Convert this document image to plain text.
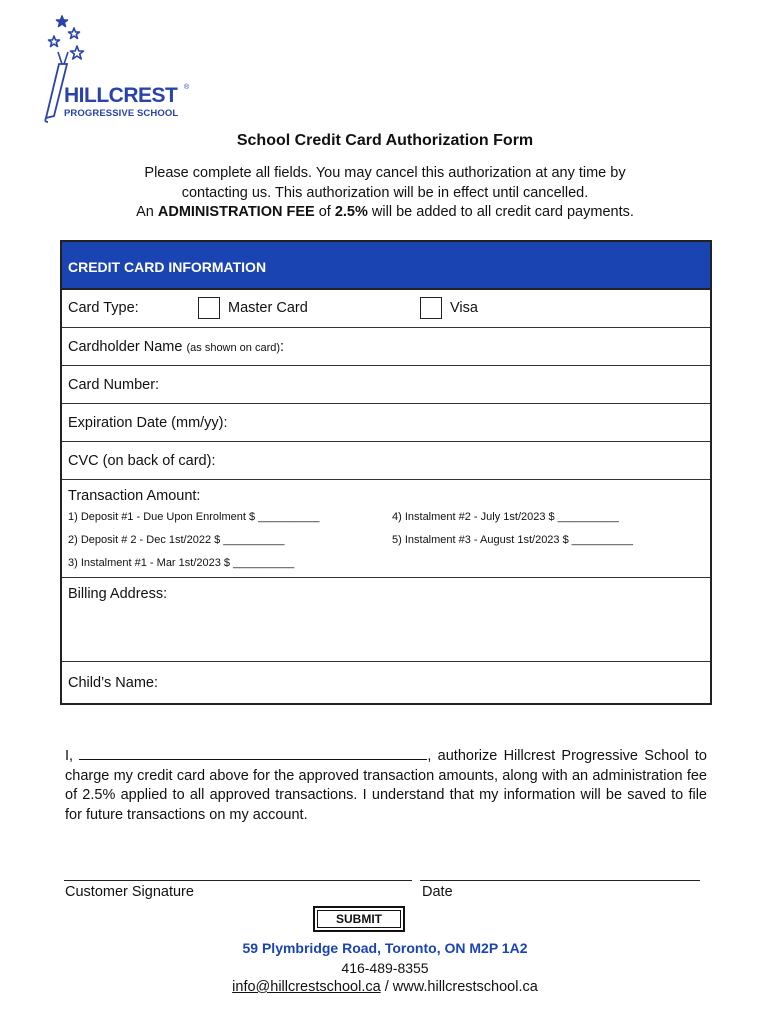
HILLCREST ®
PROGRESSIVE SCHOOL
School Credit Card Authorization Form
Please complete all fields. You may cancel this authorization at any time by
contacting us. This authorization will be in effect until cancelled.
An ADMINISTRATION FEE of 2.5% will be added to all credit card payments.
CREDIT CARD INFORMATION
Card Type:	Master Card	Visa
Cardholder Name (as shown on card):
Card Number:
Expiration Date (mm/yy):
CVC (on back of card):
Transaction Amount:
1) Deposit #1 - Due Upon Enrolment $ __________
2) Deposit # 2 - Dec 1st/2022 $ __________
3) Instalment #1 - Mar 1st/2023 $ __________
4) Instalment #2 - July 1st/2023 $ __________
5) Instalment #3 - August 1st/2023 $ __________
Billing Address:
Child’s Name:
I,	, authorize Hillcrest Progressive School to charge my credit card above for the approved transaction amounts, along with an administration fee of 2.5% applied to all approved transactions. I understand that my information will be saved to file for future transactions on my account.
Customer Signature	Date
SUBMIT
59 Plymbridge Road, Toronto, ON M2P 1A2
416-489-8355
info@hillcrestschool.ca / www.hillcrestschool.ca
